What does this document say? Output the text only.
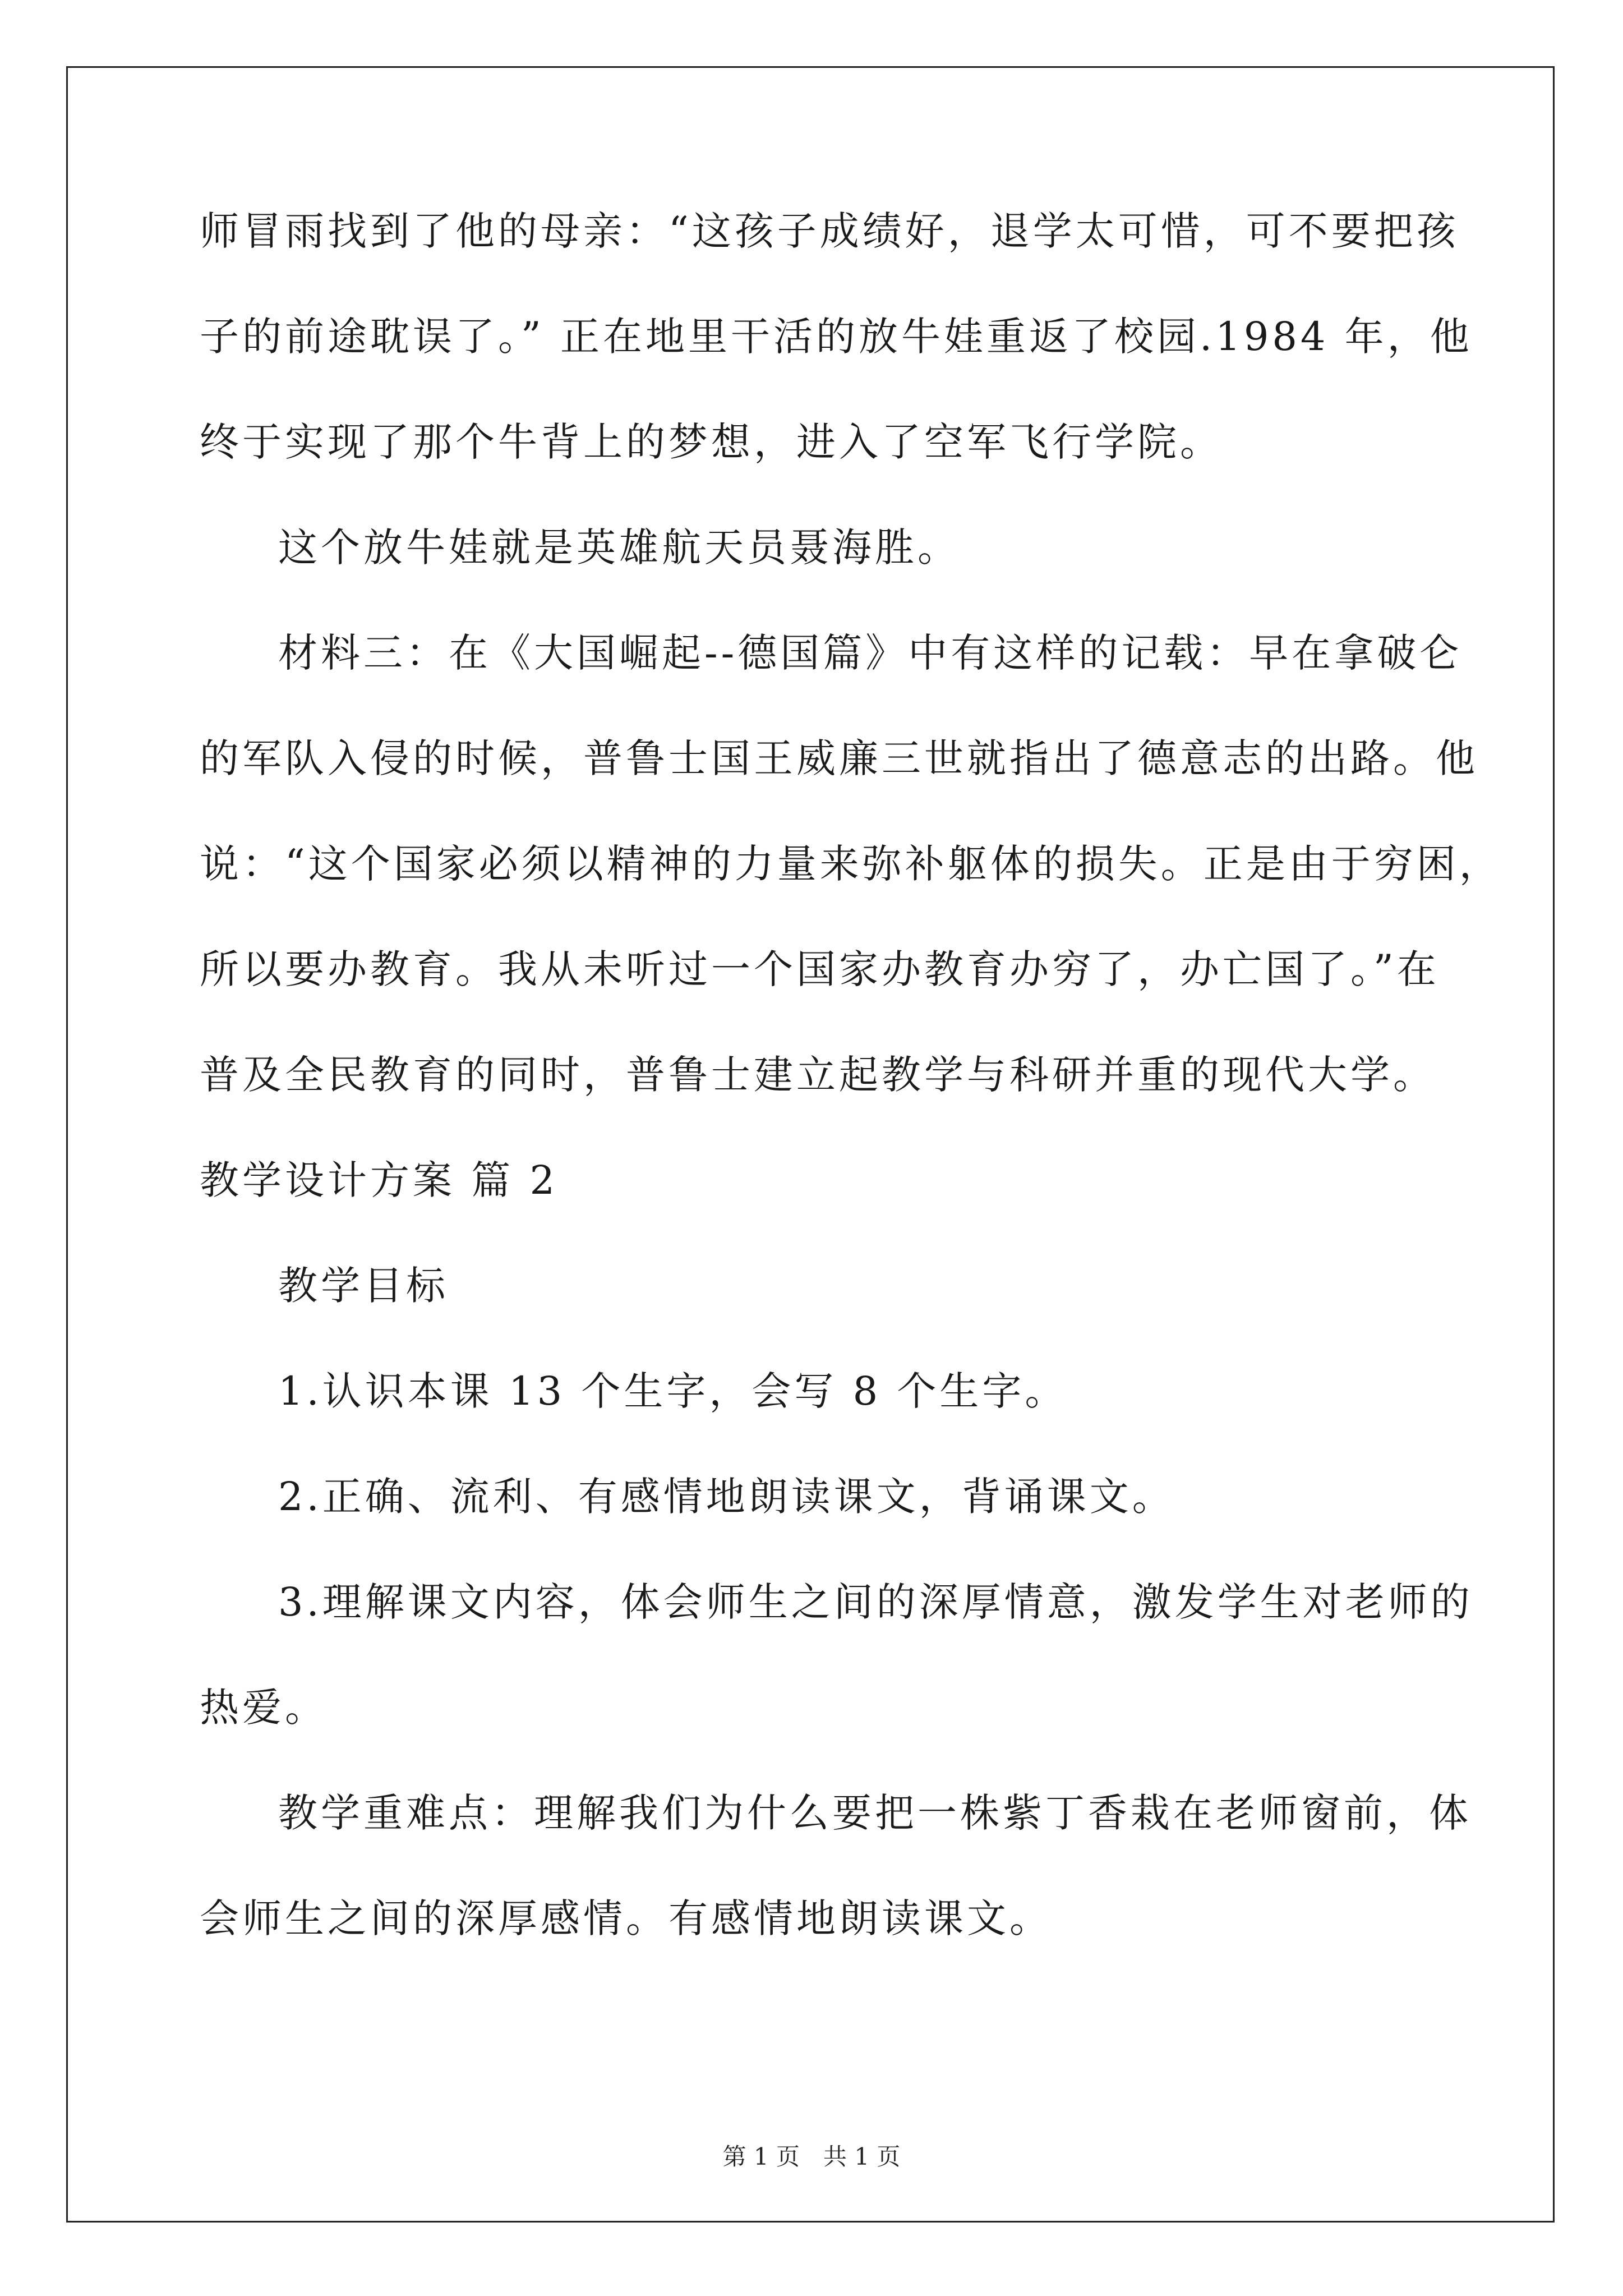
师冒雨找到了他的母亲：“这孩子成绩好，退学太可惜，可不要把孩
子的前途耽误了。” 正在地里干活的放牛娃重返了校园.1984 年，他
终于实现了那个牛背上的梦想，进入了空军飞行学院。
这个放牛娃就是英雄航天员聂海胜。
材料三：在《大国崛起--德国篇》中有这样的记载：早在拿破仑
的军队入侵的时候，普鲁士国王威廉三世就指出了德意志的出路。他
说：“这个国家必须以精神的力量来弥补躯体的损失。正是由于穷困，
所以要办教育。我从未听过一个国家办教育办穷了，办亡国了。”在
普及全民教育的同时，普鲁士建立起教学与科研并重的现代大学。
教学设计方案 篇 2
教学目标
1.认识本课 13 个生字，会写 8 个生字。
2.正确、流利、有感情地朗读课文，背诵课文。
3.理解课文内容，体会师生之间的深厚情意，激发学生对老师的
热爱。
教学重难点：理解我们为什么要把一株紫丁香栽在老师窗前，体
会师生之间的深厚感情。有感情地朗读课文。
第 1 页　共 1 页
